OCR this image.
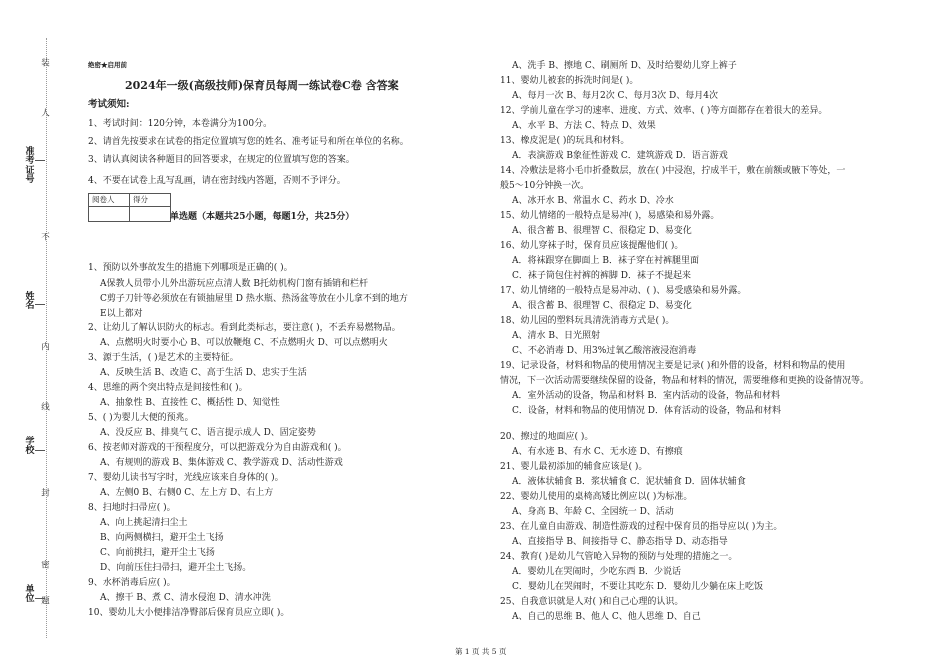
装
人
不
内
线
封
密
题
准考证号
姓名
学校
单位
绝密★启用前
2024年一级(高级技师)保育员每周一练试卷C卷 含答案
考试须知:
1、考试时间：120分钟，本卷满分为100分。
2、请首先按要求在试卷的指定位置填写您的姓名、准考证号和所在单位的名称。
3、请认真阅读各种题目的回答要求，在规定的位置填写您的答案。
4、不要在试卷上乱写乱画，请在密封线内答题，否则不予评分。
阅卷人	得分

单选题（本题共25小题，每题1分，共25分）
1、预防以外事故发生的措施下列哪项是正确的( )。
A保教人员带小儿外出游玩应点清人数 B托幼机构门窗有插销和栏杆
C剪子刀针等必须放在有锁抽屉里 D 热水瓶、热汤盆等放在小儿拿不到的地方
E以上都对
2、让幼儿了解认识防火的标志。看到此类标志，要注意( )，不丢弃易燃物品。
A、点燃明火时要小心 B、可以放鞭炮 C、不点燃明火 D、可以点燃明火
3、源于生活，( )是艺术的主要特征。
A、反映生活 B、改造 C、高于生活 D、忠实于生活
4、思维的两个突出特点是间接性和( )。
A、抽象性 B、直接性 C、概括性 D、知觉性
5、( )为婴儿大便的预兆。
A、没反应 B、排臭气 C、语言提示成人 D、固定姿势
6、按老师对游戏的干预程度分，可以把游戏分为自由游戏和( )。
A、有规则的游戏 B、集体游戏 C、教学游戏 D、活动性游戏
7、婴幼儿读书写字时，光线应该来自身体的( )。
A、左侧0 B、右侧0 C、左上方 D、右上方
8、扫地时扫帚应( )。
A、向上挑起清扫尘土
B、向两侧横扫，避开尘土飞扬
C、向前挑扫，避开尘土飞扬
D、向前压住扫帚扫，避开尘土飞扬。
9、水杯消毒后应( )。
A、擦干 B、煮 C、清水侵泡 D、清水冲洗
10、婴幼儿大小便排洁净臀部后保育员应立即( )。
A、洗手 B、擦地 C、刷厕所 D、及时给婴幼儿穿上裤子
11、婴幼儿被套的拆洗时间是( )。
A、每月一次 B、每月2次 C、每月3次 D、每月4次
12、学前儿童在学习的速率、进度、方式、效率、( )等方面都存在着很大的差异。
A、水平 B、方法 C、特点 D、效果
13、橡皮泥是( )的玩具和材料。
A．表演游戏 B象征性游戏 C．建筑游戏 D．语言游戏
14、冷敷法是将小毛巾折叠数层，放在( )中浸泡，拧成半干，敷在前额或腋下等处，一
般5～10分钟换一次。
A、冰开水 B、常温水 C、药水 D、冷水
15、幼儿情绪的一般特点是易冲( )，易感染和易外露。
A、很含蓄 B、很理智 C、很稳定 D、易变化
16、幼儿穿袜子时，保育员应该提醒他们( )。
A．将袜跟穿在脚面上 B．袜子穿在衬裤腿里面
C．袜子筒包住衬裤的裤脚 D．袜子不提起来
17、幼儿情绪的一般特点是易冲动、( )、易受感染和易外露。
A、很含蓄 B、很理智 C、很稳定 D、易变化
18、幼儿园的塑料玩具清洗消毒方式是( )。
A、清水 B、日光照射
C、不必消毒 D、用3%过氧乙酸溶液浸泡消毒
19、记录设备，材料和物品的使用情况主要是记录( )和外借的设备，材料和物品的使用
情况，下一次活动需要继续保留的设备，物品和材料的情况，需要维修和更换的设备情况等。
A．室外活动的设备，物品和材料 B．室内活动的设备，物品和材料
C．设备，材料和物品的使用情况 D．体育活动的设备，物品和材料
20、擦过的地面应( )。
A、有水迹 B、有水 C、无水迹 D、有擦痕
21、婴儿最初添加的辅食应该是( )。
A．液体状辅食 B．浆状辅食 C．泥状辅食 D．固体状辅食
22、婴幼儿使用的桌椅高矮比例应以( )为标准。
A、身高 B、年龄 C、全园统一 D、活动
23、在儿童自由游戏、制造性游戏的过程中保育员的指导应以( )为主。
A、直接指导 B、间接指导 C、静态指导 D、动态指导
24、教育( )是幼儿气管呛入异物的预防与处理的措施之一。
A．婴幼儿在哭闹时，少吃东西 B．少说话
C．婴幼儿在哭闹时，不要让其吃东 D．婴幼儿少躺在床上吃饭
25、自我意识就是人对( )和自己心理的认识。
A、自己的思维 B、他人 C、他人思维 D、自己
第 1 页 共 5 页
